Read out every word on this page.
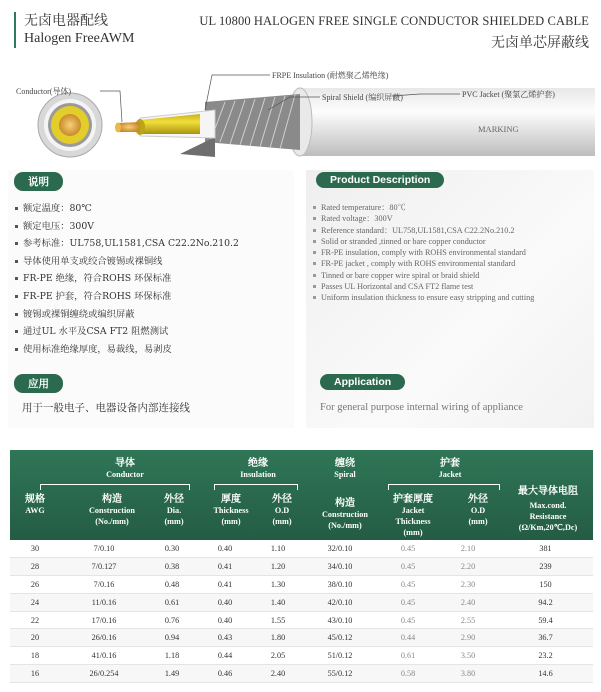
无卤电器配线
Halogen FreeAWM
UL 10800 HALOGEN FREE SINGLE CONDUCTOR SHIELDED CABLE
无卤单芯屏蔽线
MARKING
Conductor(导体)
FRPE Insulation (耐燃聚乙烯绝缘)
Spiral Shield (编织屏蔽)	PVC Jacket (聚氯乙烯护套)
说明
额定温度：80℃
额定电压：300V
参考标准：UL758,UL1581,CSA C22.2No.210.2
导体使用单支或绞合镀锡或裸铜线
FR-PE 绝缘，符合ROHS 环保标准
FR-PE 护套，符合ROHS 环保标准
镀锡或裸铜缠绕或编织屏蔽
通过UL 水平及CSA FT2 阻燃测试
使用标准绝缘厚度，易裁线，易剥皮
应用
用于一般电子、电器设备内部连接线
Product Description
Rated temperature：80℃
Rated voltage：300V
Reference standard：UL758,UL1581,CSA C22.2No.210.2
Solid or stranded ,tinned or bare copper conductor
FR-PE insulation, comply with ROHS environmental standard
FR-PE jacket , comply with ROHS environmental standard
Tinned or bare copper wire spiral or braid shield
Passes UL Horizontal and CSA FT2 flame test
Uniform insulation thickness to ensure easy stripping and cutting
Application
For general purpose internal wiring of appliance
导体
Conductor
绝缘
Insulation
缠绕
Spiral
护套
Jacket
规格
AWG
构造
Construction
(No./mm)
外径
Dia.
(mm)
厚度
Thickness
(mm)
外径
O.D
(mm)
构造
Construction
(No./mm)
护套厚度
Jacket
Thickness
(mm)
外径
O.D
(mm)
最大导体电阻
Max.cond.
Resistance
(Ω/Km,20℃,Dc)
30	7/0.10	0.30	0.40	1.10	32/0.10	0.45	2.10	381
28	7/0.127	0.38	0.41	1.20	34/0.10	0.45	2.20	239
26	7/0.16	0.48	0.41	1.30	38/0.10	0.45	2.30	150
24	11/0.16	0.61	0.40	1.40	42/0.10	0.45	2.40	94.2
22	17/0.16	0.76	0.40	1.55	43/0.10	0.45	2.55	59.4
20	26/0.16	0.94	0.43	1.80	45/0.12	0.44	2.90	36.7
18	41/0.16	1.18	0.44	2.05	51/0.12	0.61	3.50	23.2
16	26/0.254	1.49	0.46	2.40	55/0.12	0.58	3.80	14.6
